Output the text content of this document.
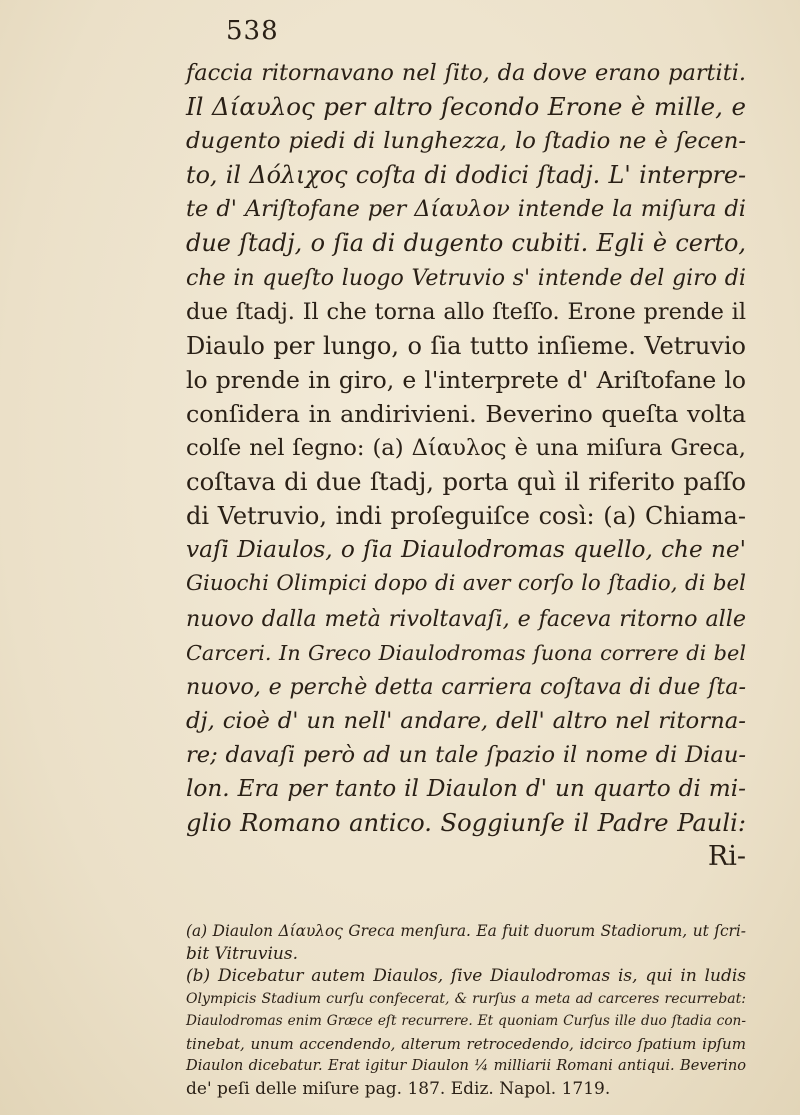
538
faccia ritornavano nel ſito, da dove erano partiti.
Il Δίαυλος per altro ſecondo Erone è mille, e
dugento piedi di lunghezza, lo ſtadio ne è ſecen-
to, il Δόλιχος coſta di dodici ſtadj. L' interpre-
te d' Ariſtofane per Δίαυλον intende la miſura di
due ſtadj, o ſia di dugento cubiti. Egli è certo,
che in queſto luogo Vetruvio s' intende del giro di
due ſtadj. Il che torna allo ſteſſo. Erone prende il
Diaulo per lungo, o ſia tutto inſieme. Vetruvio
lo prende in giro, e l'interprete d' Ariſtofane lo
conſidera in andirivieni. Beverino queſta volta
colſe nel ſegno: (a) Δίαυλος è una miſura Greca,
coſtava di due ſtadj, porta quì il riferito paſſo
di Vetruvio, indi proſeguiſce così: (a) Chiama-
vaſi Diaulos, o ſia Diaulodromas quello, che ne'
Giuochi Olimpici dopo di aver corſo lo ſtadio, di bel
nuovo dalla metà rivoltavaſi, e faceva ritorno alle
Carceri. In Greco Diaulodromas ſuona correre di bel
nuovo, e perchè detta carriera coſtava di due ſta-
dj, cioè d' un nell' andare, dell' altro nel ritorna-
re; davaſi però ad un tale ſpazio il nome di Diau-
lon. Era per tanto il Diaulon d' un quarto di mi-
glio Romano antico. Soggiunſe il Padre Pauli:
Ri-
(a) Diaulon Δίαυλος Greca menſura. Ea fuit duorum Stadiorum, ut ſcri-
bit Vitruvius.
(b) Dicebatur autem Diaulos, ſive Diaulodromas is, qui in ludis
Olympicis Stadium curſu confecerat, & rurſus a meta ad carceres recurrebat:
Diaulodromas enim Græce eſt recurrere. Et quoniam Curſus ille duo ſtadia con-
tinebat, unum accendendo, alterum retrocedendo, idcirco ſpatium ipſum
Diaulon dicebatur. Erat igitur Diaulon ¼ milliarii Romani antiqui. Beverino
de' peſi delle miſure pag. 187. Ediz. Napol. 1719.
